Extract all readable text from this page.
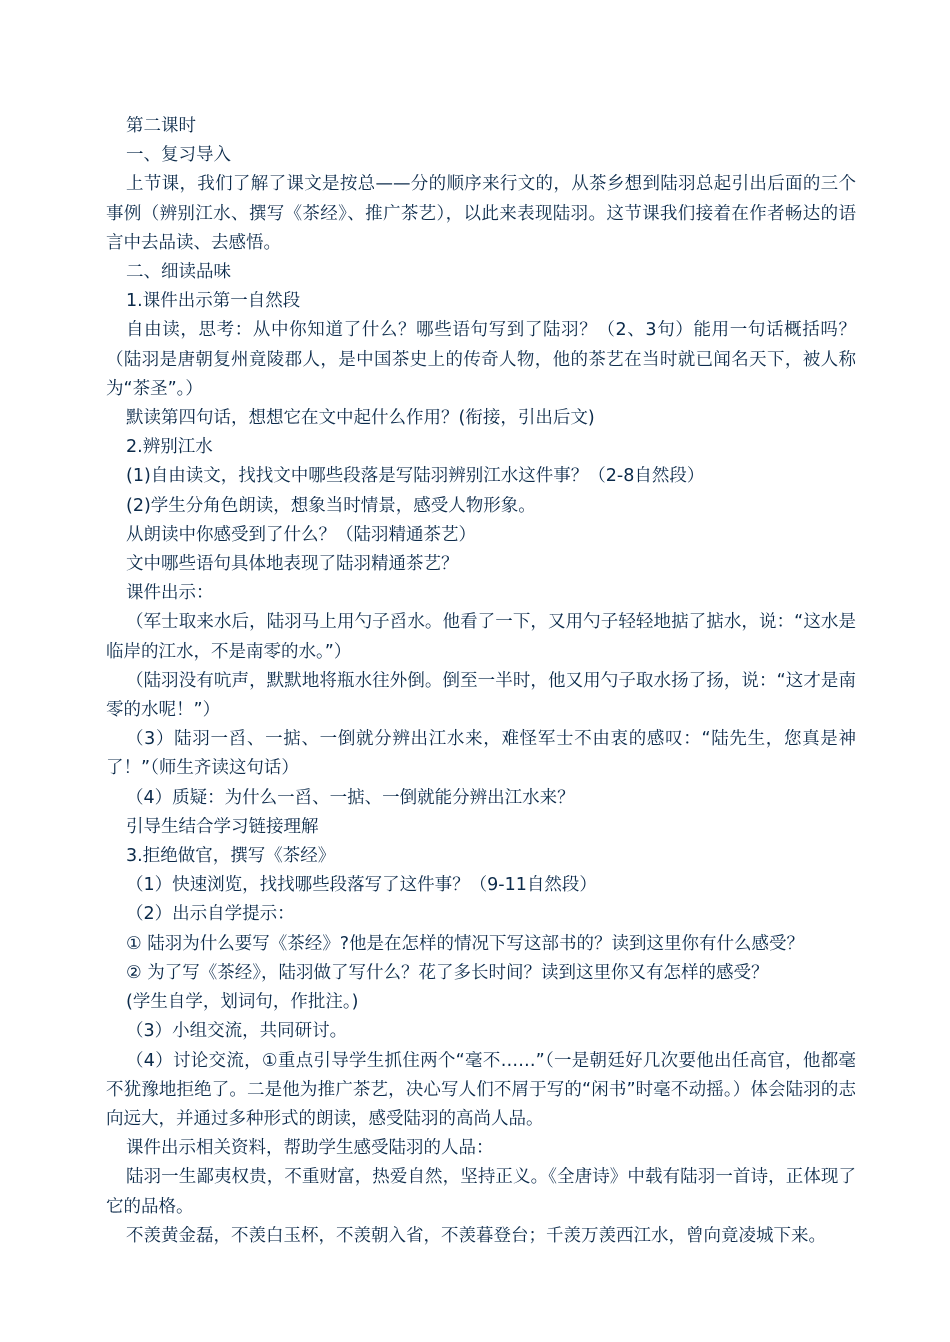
第二课时

一、复习导入

上节课，我们了解了课文是按总——分的顺序来行文的，从茶乡想到陆羽总起引出后面的三个事例（辨别江水、撰写《茶经》、推广茶艺），以此来表现陆羽。这节课我们接着在作者畅达的语言中去品读、去感悟。

二、细读品味

1.课件出示第一自然段

自由读，思考：从中你知道了什么？哪些语句写到了陆羽？（2、3句）能用一句话概括吗？（陆羽是唐朝复州竟陵郡人，是中国茶史上的传奇人物，他的茶艺在当时就已闻名天下，被人称为“茶圣”。）

默读第四句话，想想它在文中起什么作用？(衔接，引出后文)

2.辨别江水

(1)自由读文，找找文中哪些段落是写陆羽辨别江水这件事？（2-8自然段）

(2)学生分角色朗读，想象当时情景，感受人物形象。

从朗读中你感受到了什么？（陆羽精通茶艺）

文中哪些语句具体地表现了陆羽精通茶艺？

课件出示：

（军士取来水后，陆羽马上用勺子舀水。他看了一下，又用勺子轻轻地掂了掂水，说：“这水是临岸的江水，不是南零的水。”）

（陆羽没有吭声，默默地将瓶水往外倒。倒至一半时，他又用勺子取水扬了扬，说：“这才是南零的水呢！”）

（3）陆羽一舀、一掂、一倒就分辨出江水来，难怪军士不由衷的感叹：“陆先生，您真是神了！”（师生齐读这句话）

（4）质疑：为什么一舀、一掂、一倒就能分辨出江水来？

引导生结合学习链接理解

3.拒绝做官，撰写《茶经》

（1）快速浏览，找找哪些段落写了这件事？（9-11自然段）

（2）出示自学提示：

① 陆羽为什么要写《茶经》?他是在怎样的情况下写这部书的？读到这里你有什么感受？

② 为了写《茶经》，陆羽做了写什么？花了多长时间？读到这里你又有怎样的感受？

(学生自学，划词句，作批注。)

（3）小组交流，共同研讨。

（4）讨论交流，①重点引导学生抓住两个“毫不……”（一是朝廷好几次要他出任高官，他都毫不犹豫地拒绝了。二是他为推广茶艺，决心写人们不屑于写的“闲书”时毫不动摇。）体会陆羽的志向远大，并通过多种形式的朗读，感受陆羽的高尚人品。

课件出示相关资料，帮助学生感受陆羽的人品：

陆羽一生鄙夷权贵，不重财富，热爱自然，坚持正义。《全唐诗》中载有陆羽一首诗，正体现了它的品格。

不羡黄金磊，不羡白玉杯，不羡朝入省，不羡暮登台；千羡万羡西江水，曾向竟凌城下来。
